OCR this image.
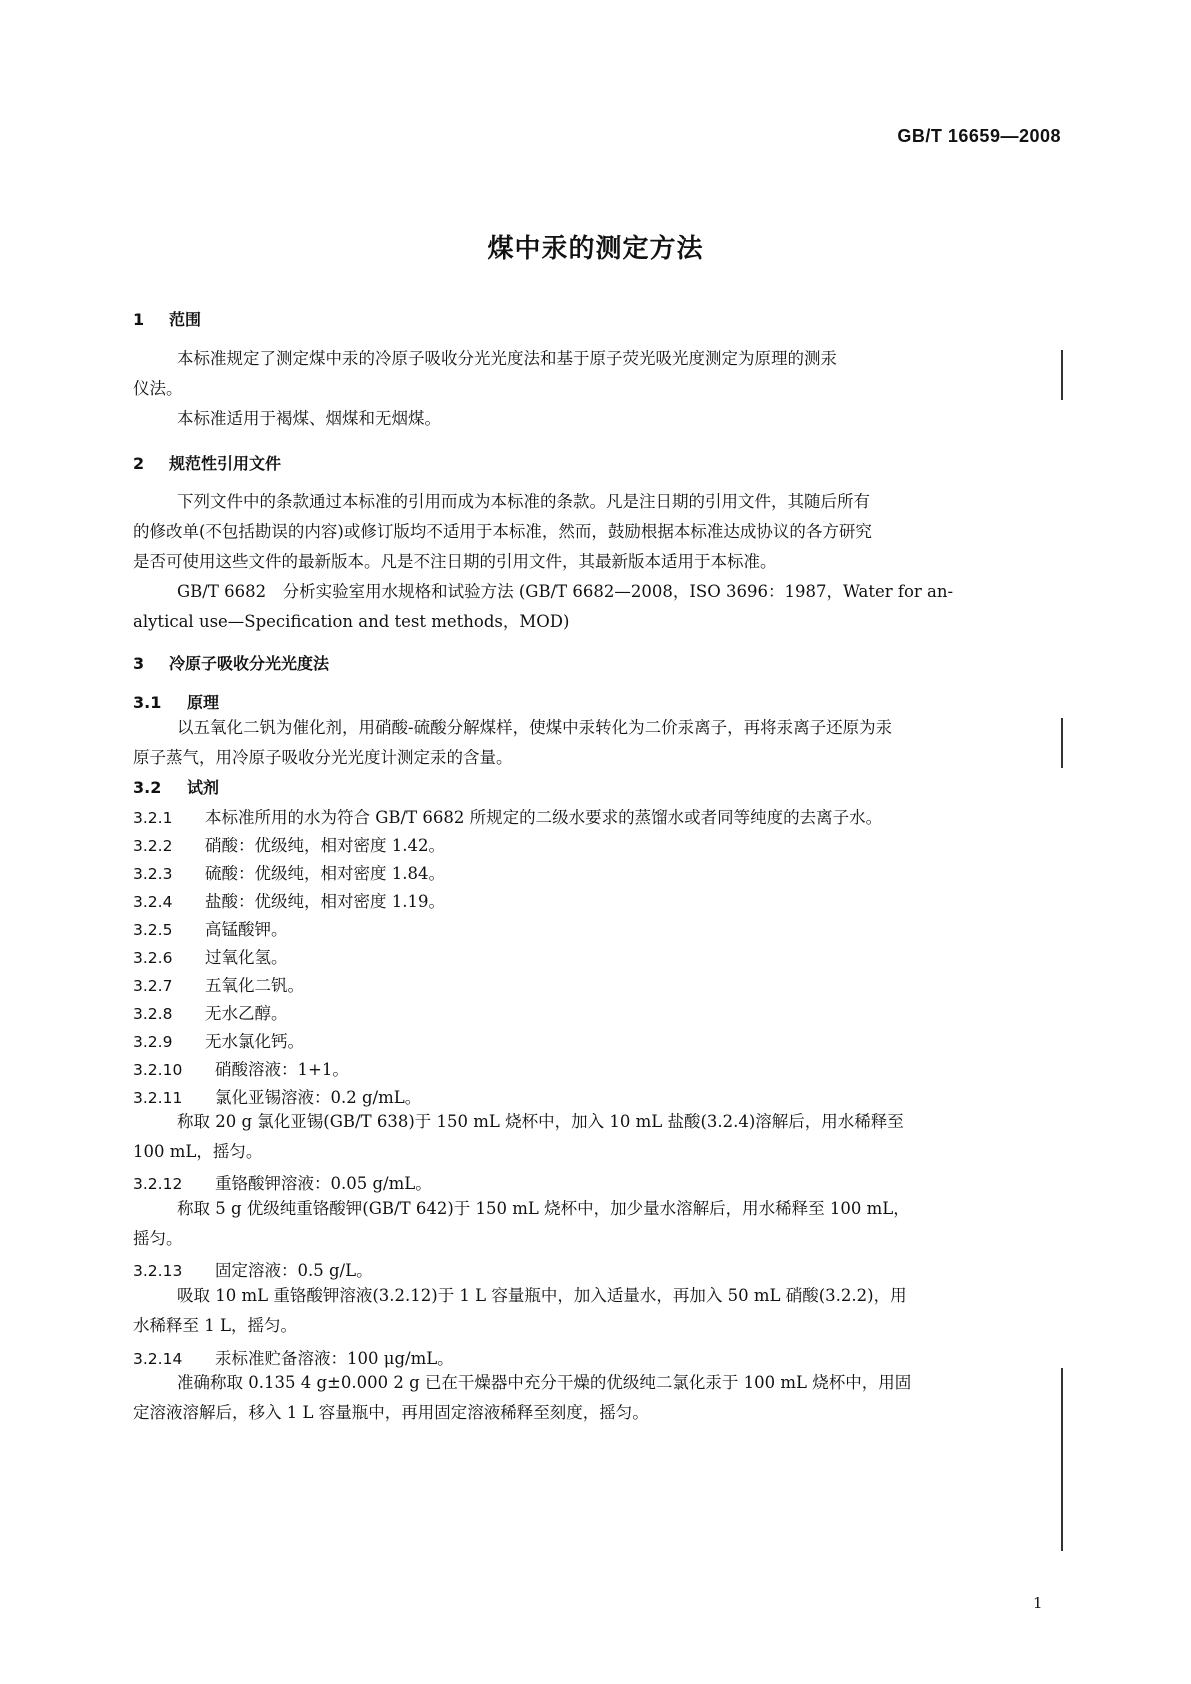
GB/T 16659—2008
煤中汞的测定方法
1 范围
本标准规定了测定煤中汞的冷原子吸收分光光度法和基于原子荧光吸光度测定为原理的测汞
仪法。
本标准适用于褐煤、烟煤和无烟煤。
2 规范性引用文件
下列文件中的条款通过本标准的引用而成为本标准的条款。凡是注日期的引用文件，其随后所有
的修改单(不包括勘误的内容)或修订版均不适用于本标准，然而，鼓励根据本标准达成协议的各方研究
是否可使用这些文件的最新版本。凡是不注日期的引用文件，其最新版本适用于本标准。
GB/T 6682　分析实验室用水规格和试验方法 (GB/T 6682—2008，ISO 3696：1987，Water for an-
alytical use—Specification and test methods，MOD)
3 冷原子吸收分光光度法
3.1 原理
以五氧化二钒为催化剂，用硝酸-硫酸分解煤样，使煤中汞转化为二价汞离子，再将汞离子还原为汞
原子蒸气，用冷原子吸收分光光度计测定汞的含量。
3.2 试剂
3.2.1 本标准所用的水为符合 GB/T 6682 所规定的二级水要求的蒸馏水或者同等纯度的去离子水。
3.2.2 硝酸：优级纯，相对密度 1.42。
3.2.3 硫酸：优级纯，相对密度 1.84。
3.2.4 盐酸：优级纯，相对密度 1.19。
3.2.5 高锰酸钾。
3.2.6 过氧化氢。
3.2.7 五氧化二钒。
3.2.8 无水乙醇。
3.2.9 无水氯化钙。
3.2.10 硝酸溶液：1+1。
3.2.11 氯化亚锡溶液：0.2 g/mL。
称取 20 g 氯化亚锡(GB/T 638)于 150 mL 烧杯中，加入 10 mL 盐酸(3.2.4)溶解后，用水稀释至
100 mL，摇匀。
3.2.12 重铬酸钾溶液：0.05 g/mL。
称取 5 g 优级纯重铬酸钾(GB/T 642)于 150 mL 烧杯中，加少量水溶解后，用水稀释至 100 mL，
摇匀。
3.2.13 固定溶液：0.5 g/L。
吸取 10 mL 重铬酸钾溶液(3.2.12)于 1 L 容量瓶中，加入适量水，再加入 50 mL 硝酸(3.2.2)，用
水稀释至 1 L，摇匀。
3.2.14 汞标准贮备溶液：100 μg/mL。
准确称取 0.135 4 g±0.000 2 g 已在干燥器中充分干燥的优级纯二氯化汞于 100 mL 烧杯中，用固
定溶液溶解后，移入 1 L 容量瓶中，再用固定溶液稀释至刻度，摇匀。
1
